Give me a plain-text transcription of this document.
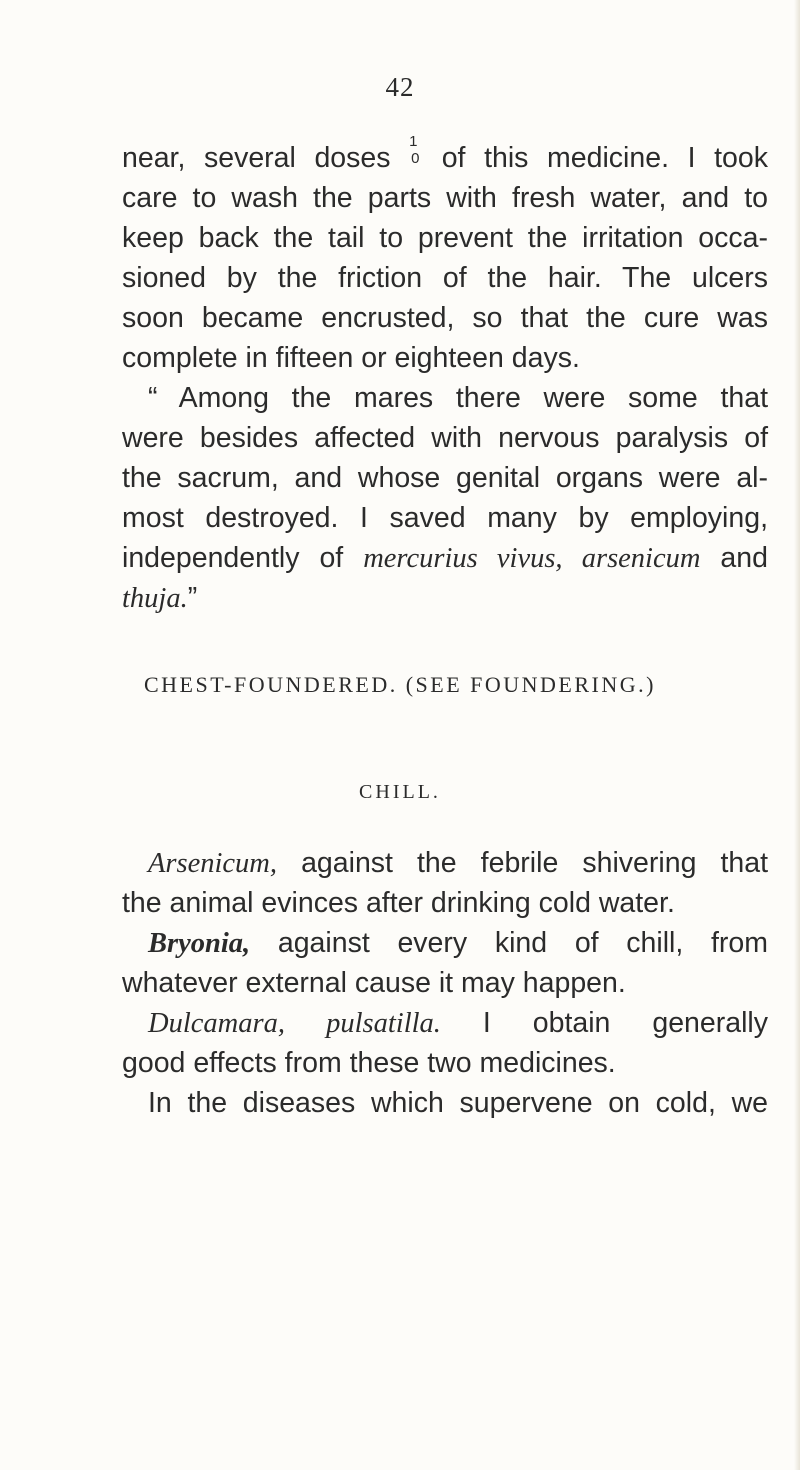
42
near, several doses
1
0 of this medicine. I took
care to wash the parts with fresh water, and to
keep back the tail to prevent the irritation occa-
sioned by the friction of the hair. The ulcers
soon became encrusted, so that the cure was
complete in fifteen or eighteen days.
“ Among the mares there were some that
were besides affected with nervous paralysis of
the sacrum, and whose genital organs were al-
most destroyed. I saved many by employing,
independently of mercurius vivus, arsenicum and
thuja.”
CHEST-FOUNDERED. (SEE FOUNDERING.)
CHILL.
Arsenicum, against the febrile shivering that
the animal evinces after drinking cold water.
Bryonia, against every kind of chill, from
whatever external cause it may happen.
Dulcamara, pulsatilla. I obtain generally
good effects from these two medicines.
In the diseases which supervene on cold, we
